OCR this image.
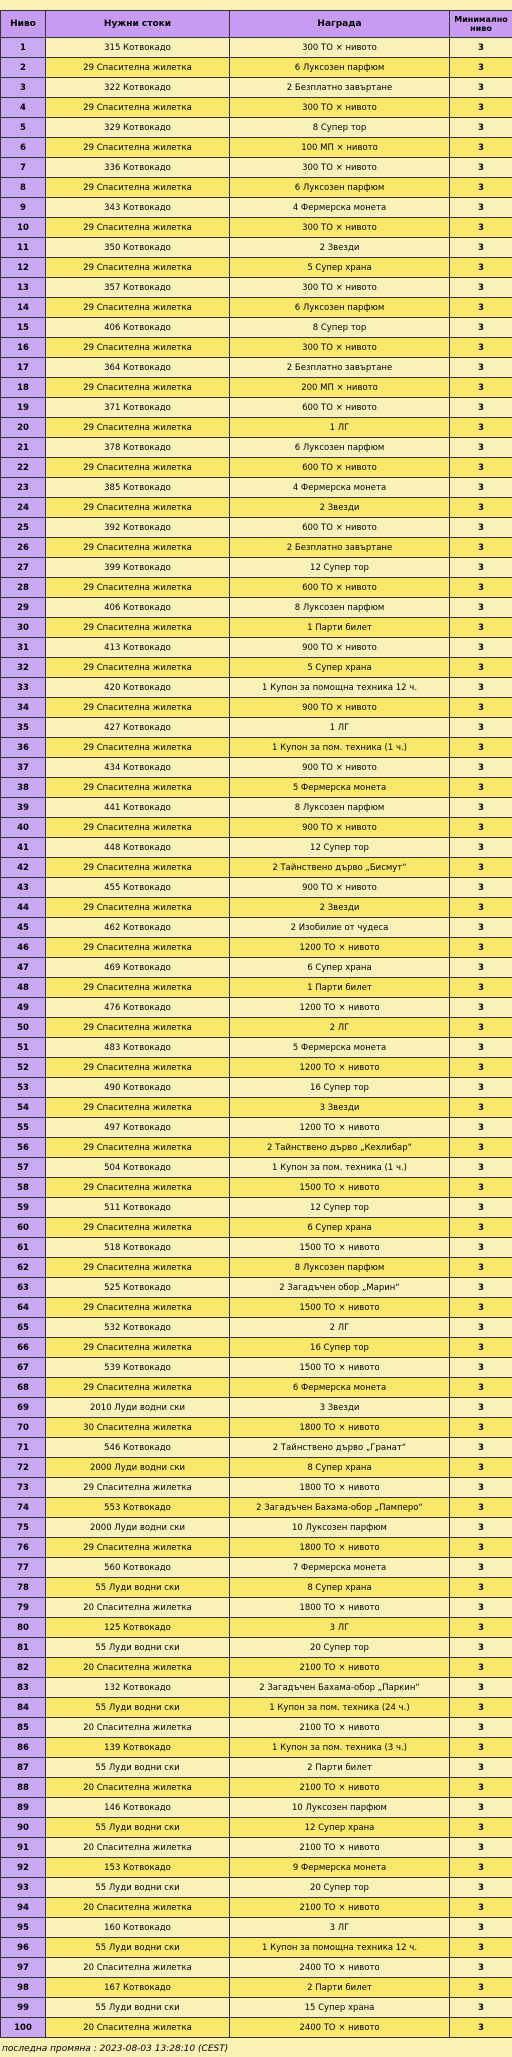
Ниво	Нужни стоки	Награда	Минимално ниво
1	315 Котвокадо	300 ТО × нивото	3
2	29 Спасителна жилетка	6 Луксозен парфюм	3
3	322 Котвокадо	2 Безплатно завъртане	3
4	29 Спасителна жилетка	300 ТО × нивото	3
5	329 Котвокадо	8 Супер тор	3
6	29 Спасителна жилетка	100 МП × нивото	3
7	336 Котвокадо	300 ТО × нивото	3
8	29 Спасителна жилетка	6 Луксозен парфюм	3
9	343 Котвокадо	4 Фермерска монета	3
10	29 Спасителна жилетка	300 ТО × нивото	3
11	350 Котвокадо	2 Звезди	3
12	29 Спасителна жилетка	5 Супер храна	3
13	357 Котвокадо	300 ТО × нивото	3
14	29 Спасителна жилетка	6 Луксозен парфюм	3
15	406 Котвокадо	8 Супер тор	3
16	29 Спасителна жилетка	300 ТО × нивото	3
17	364 Котвокадо	2 Безплатно завъртане	3
18	29 Спасителна жилетка	200 МП × нивото	3
19	371 Котвокадо	600 ТО × нивото	3
20	29 Спасителна жилетка	1 ЛГ	3
21	378 Котвокадо	6 Луксозен парфюм	3
22	29 Спасителна жилетка	600 ТО × нивото	3
23	385 Котвокадо	4 Фермерска монета	3
24	29 Спасителна жилетка	2 Звезди	3
25	392 Котвокадо	600 ТО × нивото	3
26	29 Спасителна жилетка	2 Безплатно завъртане	3
27	399 Котвокадо	12 Супер тор	3
28	29 Спасителна жилетка	600 ТО × нивото	3
29	406 Котвокадо	8 Луксозен парфюм	3
30	29 Спасителна жилетка	1 Парти билет	3
31	413 Котвокадо	900 ТО × нивото	3
32	29 Спасителна жилетка	5 Супер храна	3
33	420 Котвокадо	1 Купон за помощна техника 12 ч.	3
34	29 Спасителна жилетка	900 ТО × нивото	3
35	427 Котвокадо	1 ЛГ	3
36	29 Спасителна жилетка	1 Купон за пом. техника (1 ч.)	3
37	434 Котвокадо	900 ТО × нивото	3
38	29 Спасителна жилетка	5 Фермерска монета	3
39	441 Котвокадо	8 Луксозен парфюм	3
40	29 Спасителна жилетка	900 ТО × нивото	3
41	448 Котвокадо	12 Супер тор	3
42	29 Спасителна жилетка	2 Тайнствено дърво „Бисмут“	3
43	455 Котвокадо	900 ТО × нивото	3
44	29 Спасителна жилетка	2 Звезди	3
45	462 Котвокадо	2 Изобилие от чудеса	3
46	29 Спасителна жилетка	1200 ТО × нивото	3
47	469 Котвокадо	6 Супер храна	3
48	29 Спасителна жилетка	1 Парти билет	3
49	476 Котвокадо	1200 ТО × нивото	3
50	29 Спасителна жилетка	2 ЛГ	3
51	483 Котвокадо	5 Фермерска монета	3
52	29 Спасителна жилетка	1200 ТО × нивото	3
53	490 Котвокадо	16 Супер тор	3
54	29 Спасителна жилетка	3 Звезди	3
55	497 Котвокадо	1200 ТО × нивото	3
56	29 Спасителна жилетка	2 Тайнствено дърво „Кехлибар“	3
57	504 Котвокадо	1 Купон за пом. техника (1 ч.)	3
58	29 Спасителна жилетка	1500 ТО × нивото	3
59	511 Котвокадо	12 Супер тор	3
60	29 Спасителна жилетка	6 Супер храна	3
61	518 Котвокадо	1500 ТО × нивото	3
62	29 Спасителна жилетка	8 Луксозен парфюм	3
63	525 Котвокадо	2 Загадъчен обор „Марин“	3
64	29 Спасителна жилетка	1500 ТО × нивото	3
65	532 Котвокадо	2 ЛГ	3
66	29 Спасителна жилетка	16 Супер тор	3
67	539 Котвокадо	1500 ТО × нивото	3
68	29 Спасителна жилетка	6 Фермерска монета	3
69	2010 Луди водни ски	3 Звезди	3
70	30 Спасителна жилетка	1800 ТО × нивото	3
71	546 Котвокадо	2 Тайнствено дърво „Гранат“	3
72	2000 Луди водни ски	8 Супер храна	3
73	29 Спасителна жилетка	1800 ТО × нивото	3
74	553 Котвокадо	2 Загадъчен Бахама-обор „Памперо“	3
75	2000 Луди водни ски	10 Луксозен парфюм	3
76	29 Спасителна жилетка	1800 ТО × нивото	3
77	560 Котвокадо	7 Фермерска монета	3
78	55 Луди водни ски	8 Супер храна	3
79	20 Спасителна жилетка	1800 ТО × нивото	3
80	125 Котвокадо	3 ЛГ	3
81	55 Луди водни ски	20 Супер тор	3
82	20 Спасителна жилетка	2100 ТО × нивото	3
83	132 Котвокадо	2 Загадъчен Бахама-обор „Паркин“	3
84	55 Луди водни ски	1 Купон за пом. техника (24 ч.)	3
85	20 Спасителна жилетка	2100 ТО × нивото	3
86	139 Котвокадо	1 Купон за пом. техника (3 ч.)	3
87	55 Луди водни ски	2 Парти билет	3
88	20 Спасителна жилетка	2100 ТО × нивото	3
89	146 Котвокадо	10 Луксозен парфюм	3
90	55 Луди водни ски	12 Супер храна	3
91	20 Спасителна жилетка	2100 ТО × нивото	3
92	153 Котвокадо	9 Фермерска монета	3
93	55 Луди водни ски	20 Супер тор	3
94	20 Спасителна жилетка	2100 ТО × нивото	3
95	160 Котвокадо	3 ЛГ	3
96	55 Луди водни ски	1 Купон за помощна техника 12 ч.	3
97	20 Спасителна жилетка	2400 ТО × нивото	3
98	167 Котвокадо	2 Парти билет	3
99	55 Луди водни ски	15 Супер храна	3
100	20 Спасителна жилетка	2400 ТО × нивото	3
последна промяна : 2023-08-03 13:28:10 (CEST)
